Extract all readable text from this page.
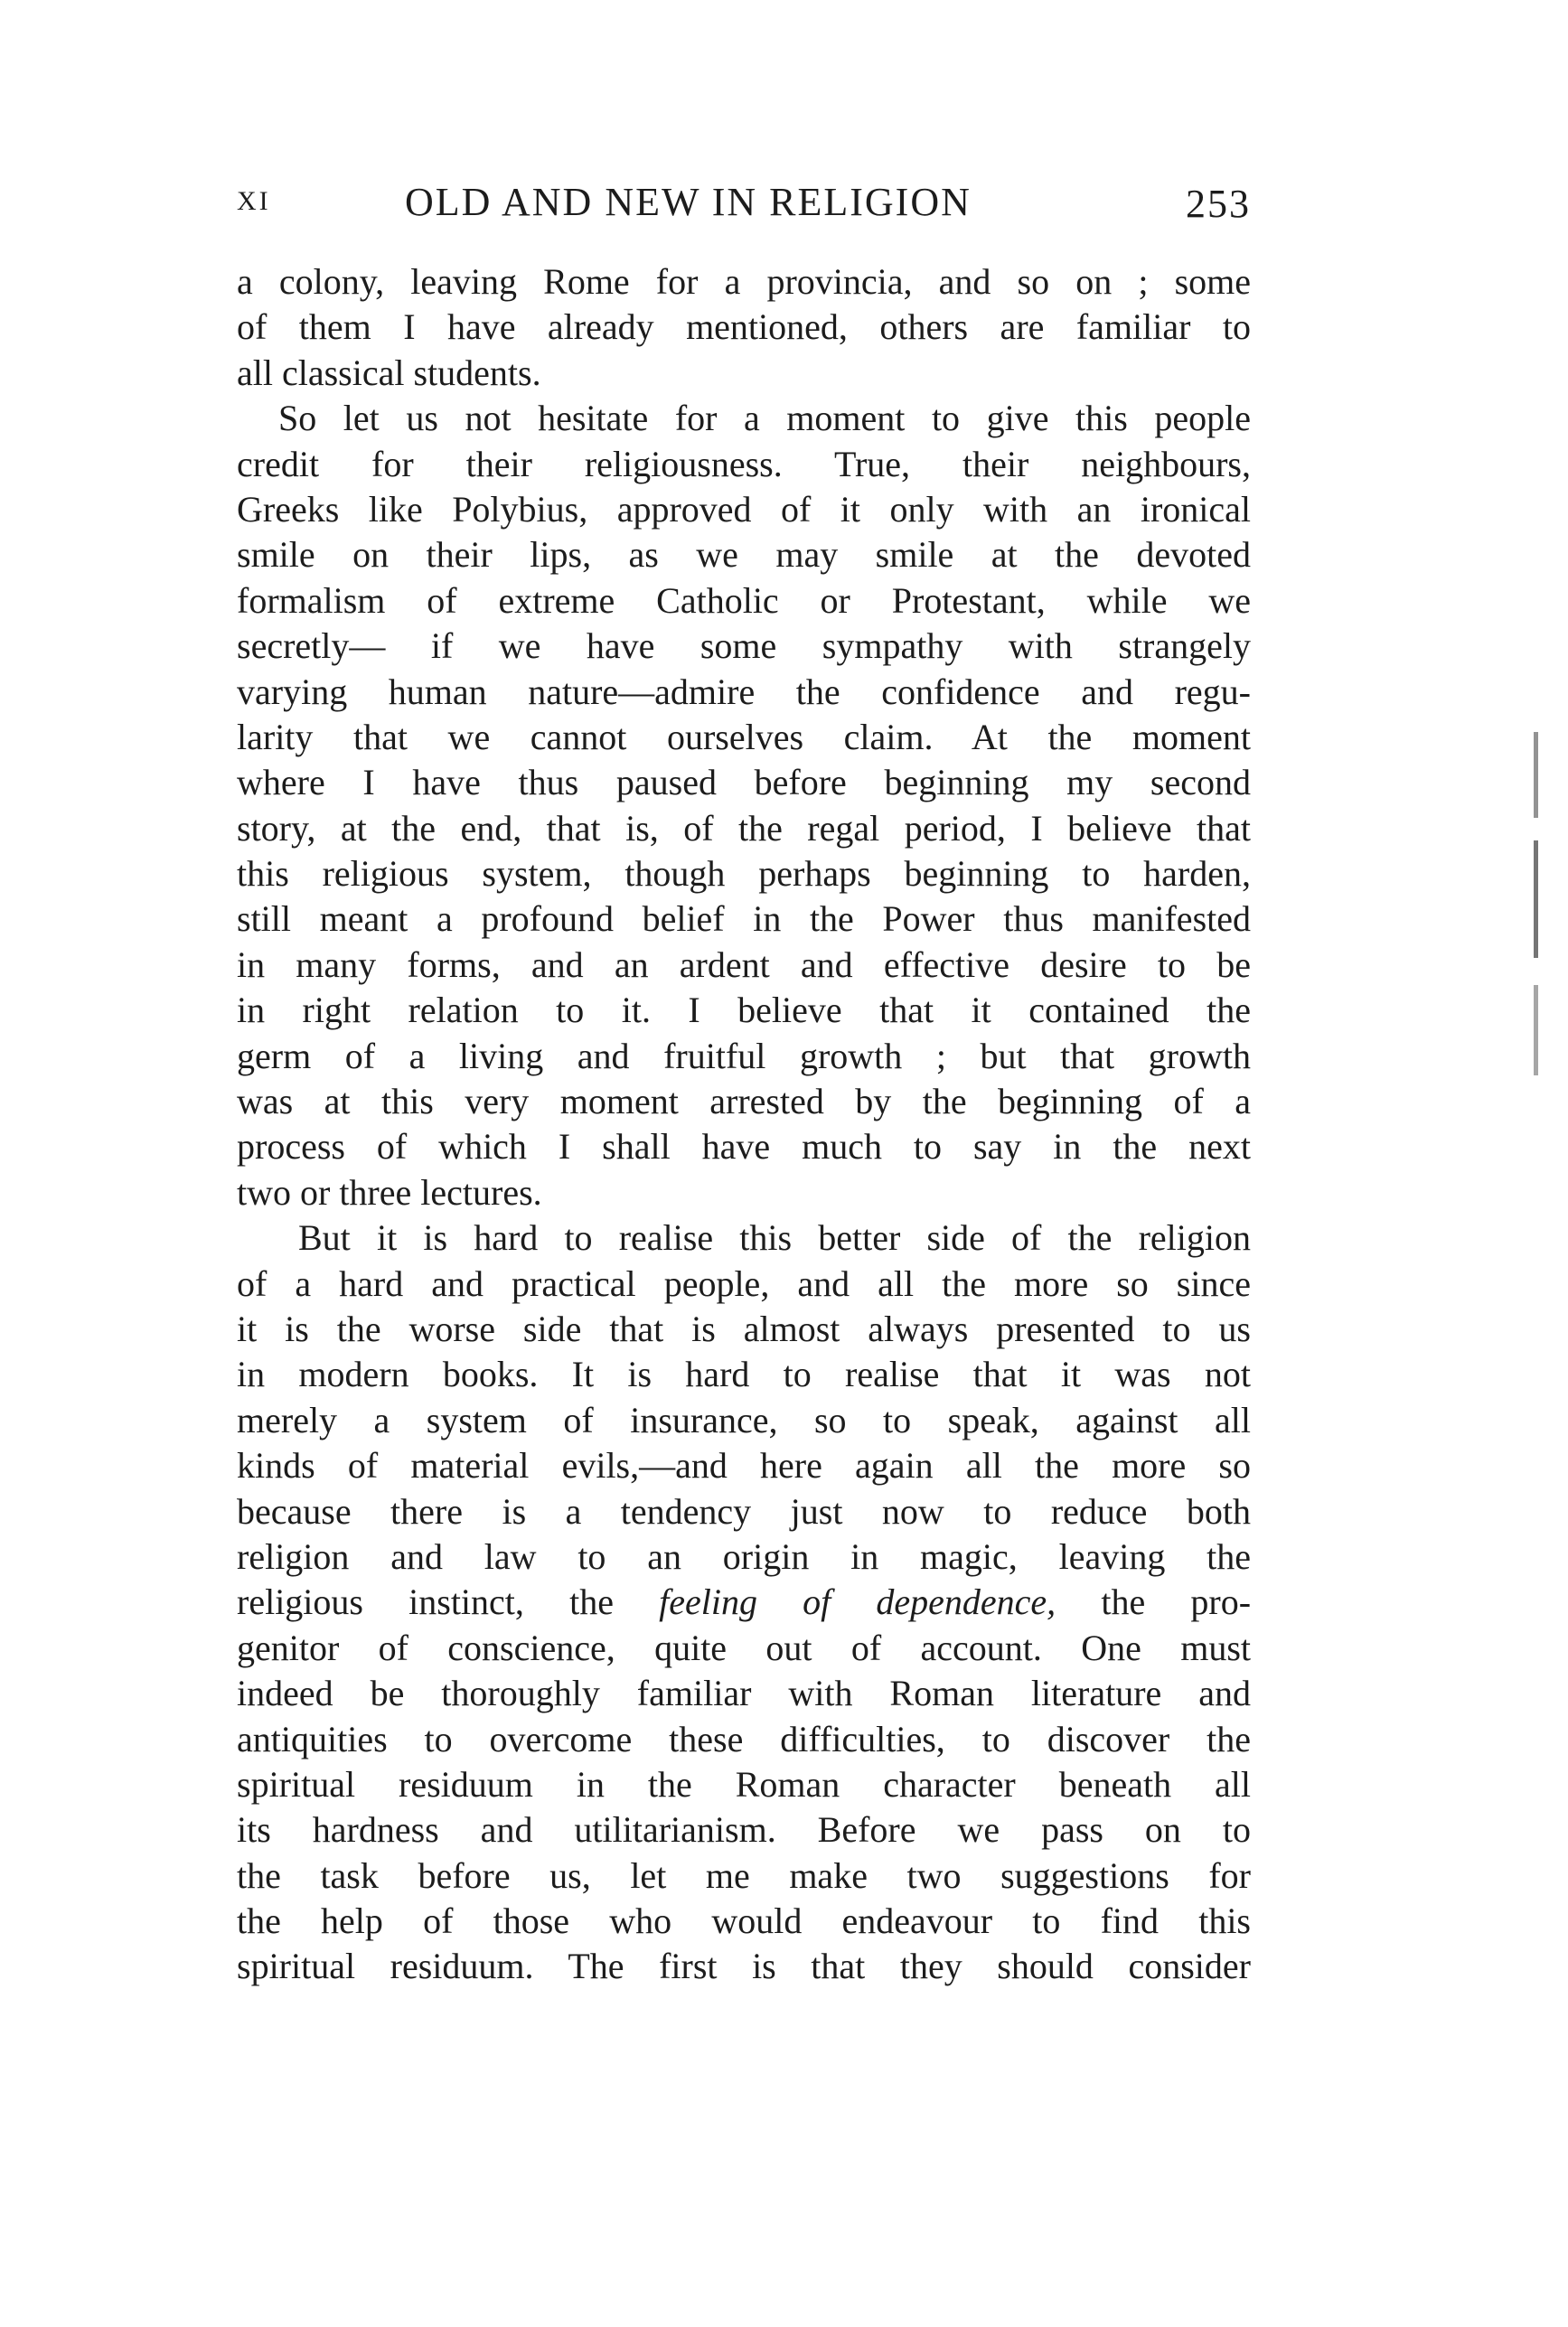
XI	OLD AND NEW IN RELIGION	253
a colony, leaving Rome for a provincia, and so on ; some
of them I have already mentioned, others are familiar to
all classical students.
So let us not hesitate for a moment to give this people
credit for their religiousness. True, their neighbours,
Greeks like Polybius, approved of it only with an ironical
smile on their lips, as we may smile at the devoted
formalism of extreme Catholic or Protestant, while we
secretly— if we have some sympathy with strangely
varying human nature—admire the confidence and regu-
larity that we cannot ourselves claim. At the moment
where I have thus paused before beginning my second
story, at the end, that is, of the regal period, I believe that
this religious system, though perhaps beginning to harden,
still meant a profound belief in the Power thus manifested
in many forms, and an ardent and effective desire to be
in right relation to it. I believe that it contained the
germ of a living and fruitful growth ; but that growth
was at this very moment arrested by the beginning of a
process of which I shall have much to say in the next
two or three lectures.
But it is hard to realise this better side of the religion
of a hard and practical people, and all the more so since
it is the worse side that is almost always presented to us
in modern books. It is hard to realise that it was not
merely a system of insurance, so to speak, against all
kinds of material evils,—and here again all the more so
because there is a tendency just now to reduce both
religion and law to an origin in magic, leaving the
religious instinct, the feeling of dependence, the pro-
genitor of conscience, quite out of account. One must
indeed be thoroughly familiar with Roman literature and
antiquities to overcome these difficulties, to discover the
spiritual residuum in the Roman character beneath all
its hardness and utilitarianism. Before we pass on to
the task before us, let me make two suggestions for
the help of those who would endeavour to find this
spiritual residuum. The first is that they should consider
